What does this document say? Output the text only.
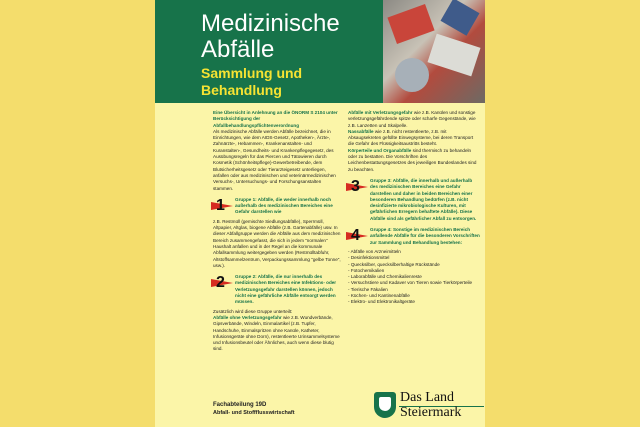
Medizinische
Abfälle
Sammlung und
Behandlung
Eine Übersicht in Anlehnung an die ÖNORM S 2104 unter Berücksichtigung der Abfallbehandlungspflichtenverordnung
Als medizinische Abfälle werden Abfälle bezeichnet, die in Einrichtungen, wie dem AIDS-Gesetz, Apotheken-, Ärzte-, Zahnärzte-, Hebammen-, Krankenanstalten- und Kuranstalten-, Gesundheits- und Krankenpflegegesetz, des Ausübungsregeln für das Piercen und Tätowieren durch Kosmetik (Schönheitspflege)-Gewerbetreibende, dem Blutsicherheitsgesetz oder Tierarzteigesetz unterliegen, anfallen oder aus medizinischen und veterinärmedizinischen Versuchs-, Untersuchungs- und Forschungsanstalten stammen.
1 Gruppe 1: Abfälle, die weder innerhalb noch außerhalb des medizinischen Bereiches eine Gefahr darstellen wie
z.B. Restmüll (gemischte Siedlungsabfälle), Sperrmüll, Altpapier, Altglas, biogene Abfälle (z.B. Gartenabfälle) usw. In dieser Abfallgruppe werden die Abfälle aus dem medizinischen Bereich zusammengefasst, die sich in jedem "normalen" Haushalt anfallen und in der Regel an die kommunale Abfallsammlung weitergegeben werden (Restmülltabfuhr, Altstoffsammelzentrum, Verpackungssammlung "gelbe Tonne", usw.).
2 Gruppe 2: Abfälle, die nur innerhalb des medizinischen Bereiches eine Infektions- oder Verletzungsgefahr darstellen können, jedoch nicht eine gefährliche Abfälle entsorgt werden müssen.
Zusätzlich wird diese Gruppe unterteilt:
Abfälle ohne Verletzungsgefahr wie z.B. Wundverbände, Gipsverbände, Windeln, Einmalartikel (z.B. Tupfer, Handschuhe, Einmalspritzen ohne Kanüle, Katheter, Infusionsgeräte ohne Dorn), restentleerte Urinsammelsysteme und Infusionsbeutel oder Ähnliches, auch wenn diese blutig sind.
Abfälle mit Verletzungsgefahr wie z.B. Kanülen und sonstige verletzungsgefährdende spitze oder scharfe Gegenstände, wie z.B. Lanzetten und Skalpelle.
Nassabfälle wie z.B. nicht restentleerte, z.B. mit Absaugsekreten gefüllte Einwegsysteme, bei deren Transport die Gefahr des Flüssigkeitsaustritts besteht.
Körperteile und Organabfälle sind thermisch zu behandeln oder zu bestatten. Die Vorschriften des Leichenbestattungsgesetzes des jeweiligen Bundeslandes sind zu beachten.
3 Gruppe 3: Abfälle, die innerhalb und außerhalb des medizinischen Bereiches eine Gefahr darstellen und daher in beiden Bereichen einer besonderen Behandlung bedürfen (z.B. nicht desinfizierte mikrobiologische Kulturen, mit gefährlichen Erregern behaftete Abfälle). Diese Abfälle sind als gefährlicher Abfall zu entsorgen.
4 Gruppe 4: Sonstige im medizinischen Bereich anfallende Abfälle für die besonderen Vorschriften zur Sammlung und Behandlung bestehen:
- Abfälle von Arzneimitteln
- Desinfektionsmittel
- Quecksilber, quecksilberhaltige Rückstände
- Fotochemikalien
- Laborabfälle und Chemikalienreste
- Versuchstiere und Kadaver von Tieren sowie Tierkörperteile
- Tierische Fäkalien
- Küchen- und Kantinenabfälle
- Elektro- und Elektronikaltgeräte
Fachabteilung 19D
Abfall- und Stoffflusswirtschaft
Das Land
Steiermark
